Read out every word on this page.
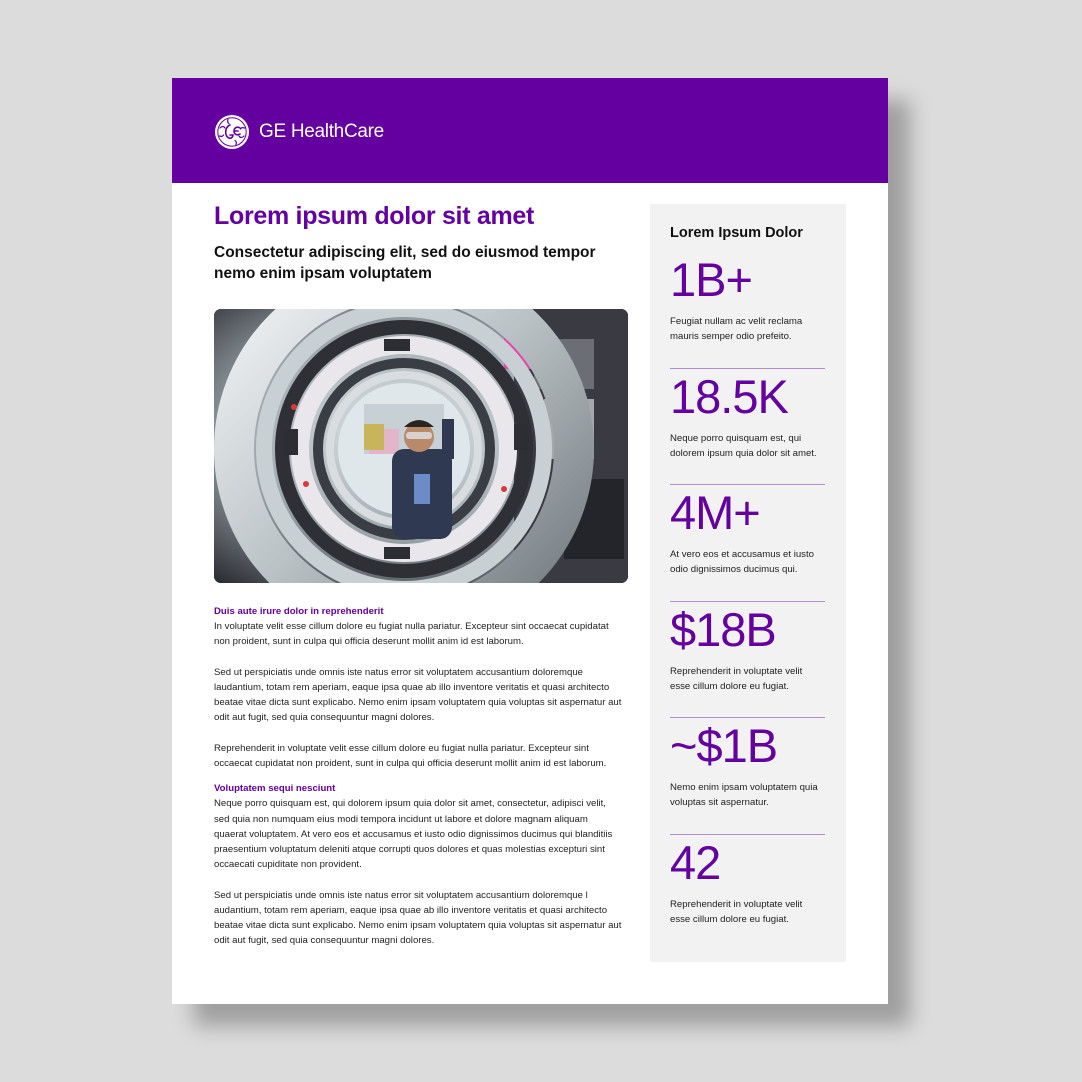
GE HealthCare
Lorem ipsum dolor sit amet
Consectetur adipiscing elit, sed do eiusmod tempor nemo enim ipsam voluptatem
Duis aute irure dolor in reprehenderit

In voluptate velit esse cillum dolore eu fugiat nulla pariatur. Excepteur sint occaecat cupidatat non proident, sunt in culpa qui officia deserunt mollit anim id est laborum.

Sed ut perspiciatis unde omnis iste natus error sit voluptatem accusantium doloremque laudantium, totam rem aperiam, eaque ipsa quae ab illo inventore veritatis et quasi architecto beatae vitae dicta sunt explicabo. Nemo enim ipsam voluptatem quia voluptas sit aspernatur aut odit aut fugit, sed quia consequuntur magni dolores.

Reprehenderit in voluptate velit esse cillum dolore eu fugiat nulla pariatur. Excepteur sint occaecat cupidatat non proident, sunt in culpa qui officia deserunt mollit anim id est laborum.

Voluptatem sequi nesciunt

Neque porro quisquam est, qui dolorem ipsum quia dolor sit amet, consectetur, adipisci velit, sed quia non numquam eius modi tempora incidunt ut labore et dolore magnam aliquam quaerat voluptatem. At vero eos et accusamus et iusto odio dignissimos ducimus qui blanditiis praesentium voluptatum deleniti atque corrupti quos dolores et quas molestias excepturi sint occaecati cupiditate non provident.

Sed ut perspiciatis unde omnis iste natus error sit voluptatem accusantium doloremque l audantium, totam rem aperiam, eaque ipsa quae ab illo inventore veritatis et quasi architecto beatae vitae dicta sunt explicabo. Nemo enim ipsam voluptatem quia voluptas sit aspernatur aut odit aut fugit, sed quia consequuntur magni dolores.

Lorem Ipsum Dolor
1B+
Feugiat nullam ac velit reclama mauris semper odio prefeito.
18.5K
Neque porro quisquam est, qui dolorem ipsum quia dolor sit amet.
4M+
At vero eos et accusamus et iusto odio dignissimos ducimus qui.
$18B
Reprehenderit in voluptate velit esse cillum dolore eu fugiat.
~$1B
Nemo enim ipsam voluptatem quia voluptas sit aspernatur.
42
Reprehenderit in voluptate velit esse cillum dolore eu fugiat.
